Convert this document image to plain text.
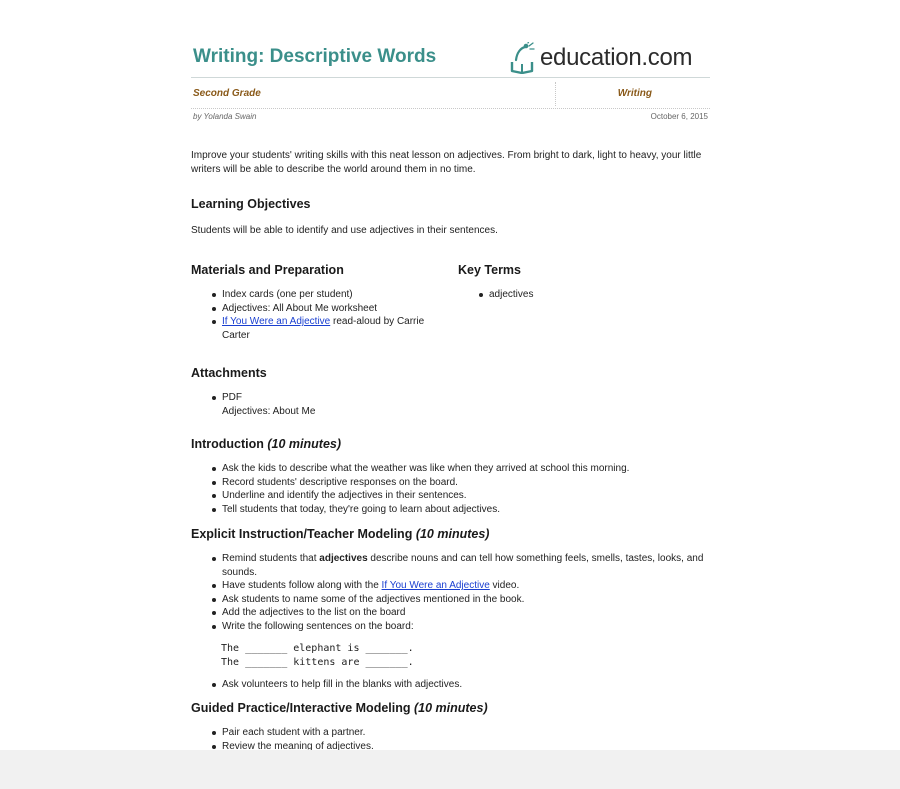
Writing: Descriptive Words	education.com
Second Grade	Writing
by Yolanda Swain	October 6, 2015

Improve your students' writing skills with this neat lesson on adjectives. From bright to dark, light to heavy, your little writers will be able to describe the world around them in no time.

Learning Objectives

Students will be able to identify and use adjectives in their sentences.

Materials and Preparation
Index cards (one per student)
Adjectives: All About Me worksheet
If You Were an Adjective read-aloud by Carrie Carter
Key Terms
adjectives
Attachments
PDF
Adjectives: About Me
Introduction (10 minutes)
Ask the kids to describe what the weather was like when they arrived at school this morning.
Record students' descriptive responses on the board.
Underline and identify the adjectives in their sentences.
Tell students that today, they're going to learn about adjectives.
Explicit Instruction/Teacher Modeling (10 minutes)
Remind students that adjectives describe nouns and can tell how something feels, smells, tastes, looks, and sounds.
Have students follow along with the If You Were an Adjective video.
Ask students to name some of the adjectives mentioned in the book.
Add the adjectives to the list on the board
Write the following sentences on the board:
The _______ elephant is _______.
The _______ kittens are _______.
Ask volunteers to help fill in the blanks with adjectives.
Guided Practice/Interactive Modeling (10 minutes)
Pair each student with a partner.
Review the meaning of adjectives.
